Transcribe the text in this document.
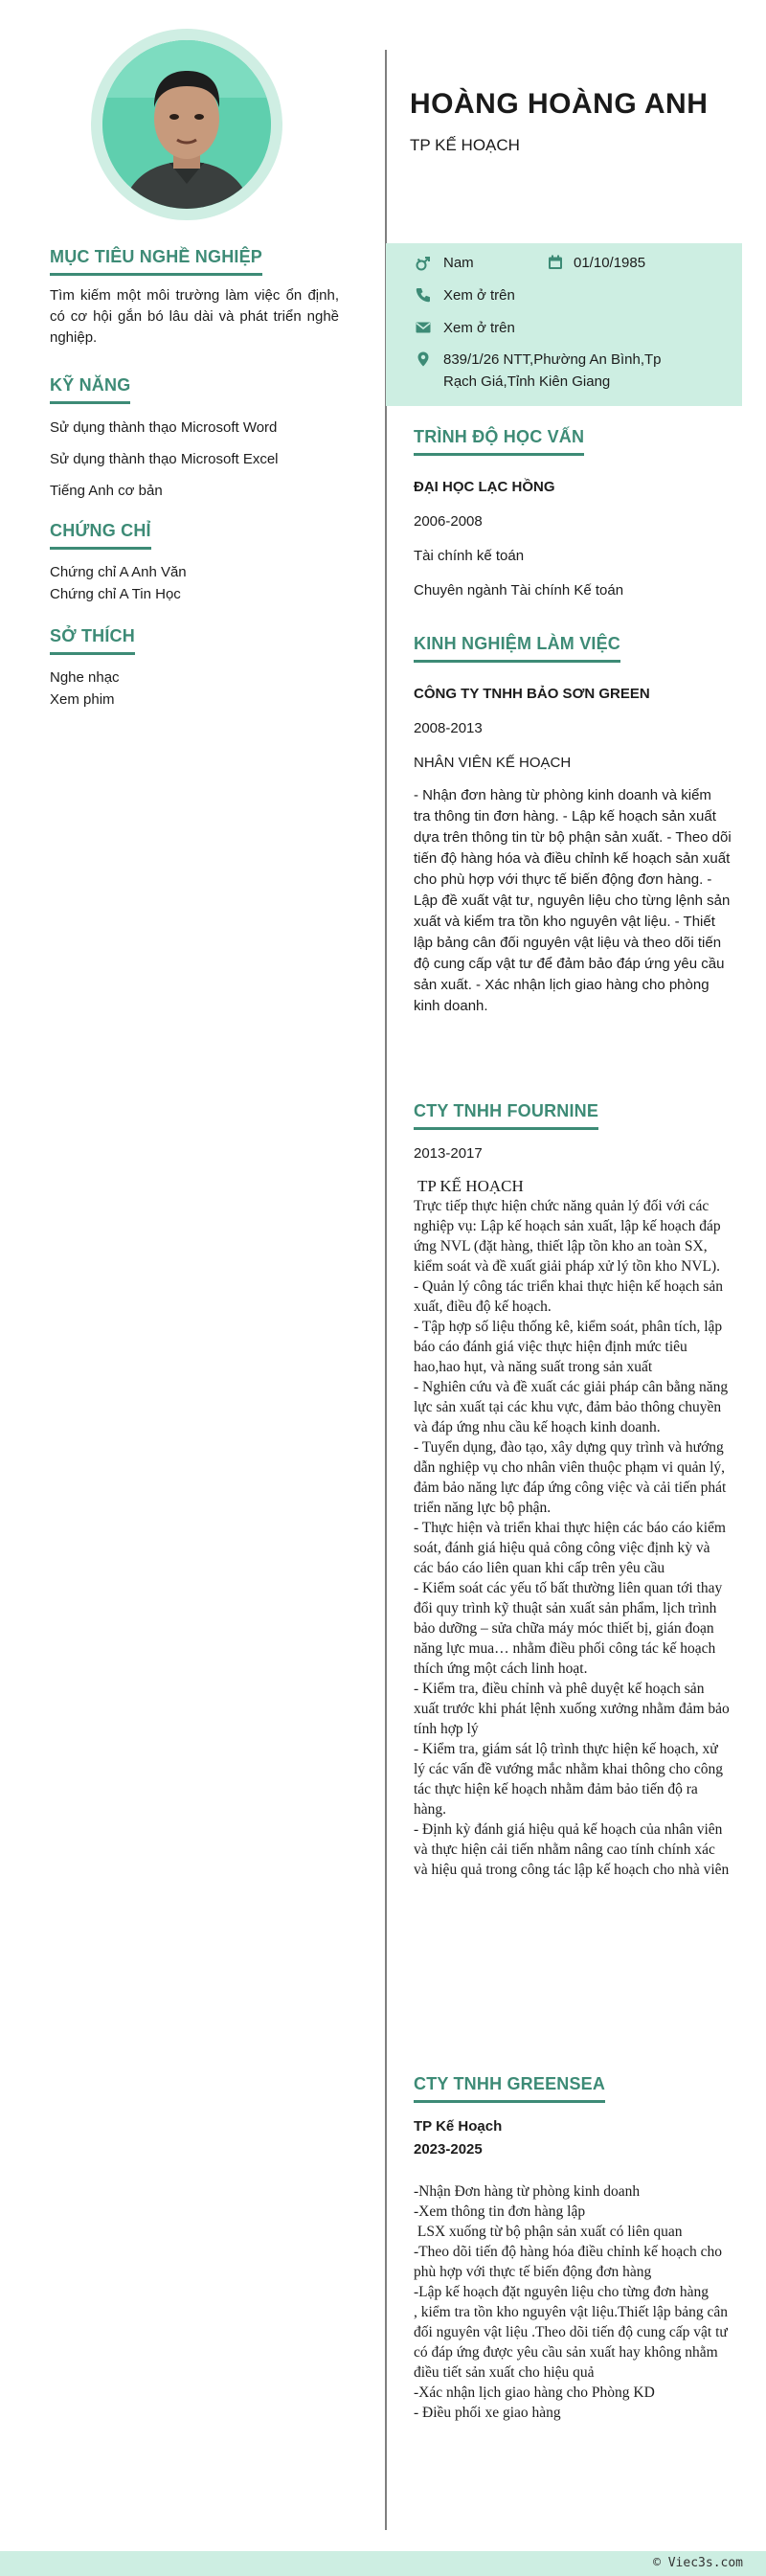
MỤC TIÊU NGHỀ NGHIỆP
Tìm kiếm một môi trường làm việc ổn định, có cơ hội gắn bó lâu dài và phát triển nghề nghiệp.
KỸ NĂNG
Sử dụng thành thạo Microsoft Word
Sử dụng thành thạo Microsoft Excel
Tiếng Anh cơ bản
CHỨNG CHỈ
Chứng chỉ A Anh Văn
Chứng chỉ A Tin Học
SỞ THÍCH
Nghe nhạc
Xem phim
HOÀNG HOÀNG ANH
TP KẾ HOẠCH
Nam	01/10/1985
Xem ở trên
Xem ở trên
839/1/26 NTT,Phường An Bình,Tp
Rạch Giá,Tỉnh Kiên Giang
TRÌNH ĐỘ HỌC VẤN
ĐẠI HỌC LẠC HỒNG
2006-2008
Tài chính kế toán
Chuyên ngành Tài chính Kế toán
KINH NGHIỆM LÀM VIỆC
CÔNG TY TNHH BẢO SƠN GREEN
2008-2013
NHÂN VIÊN KẾ HOẠCH
- Nhận đơn hàng từ phòng kinh doanh và kiểm tra thông tin đơn hàng. - Lập kế hoạch sản xuất dựa trên thông tin từ bộ phận sản xuất. - Theo dõi tiến độ hàng hóa và điều chỉnh kế hoạch sản xuất cho phù hợp với thực tế biến động đơn hàng. - Lập đề xuất vật tư, nguyên liệu cho từng lệnh sản xuất và kiểm tra tồn kho nguyên vật liệu. - Thiết lập bảng cân đối nguyên vật liệu và theo dõi tiến độ cung cấp vật tư để đảm bảo đáp ứng yêu cầu sản xuất. - Xác nhận lịch giao hàng cho phòng kinh doanh.
CTY TNHH FOURNINE
2013-2017
TP KẾ HOẠCH
Trực tiếp thực hiện chức năng quản lý đối với các nghiệp vụ: Lập kế hoạch sản xuất, lập kế hoạch đáp ứng NVL (đặt hàng, thiết lập tồn kho an toàn SX, kiểm soát và đề xuất giải pháp xử lý tồn kho NVL).
- Quản lý công tác triển khai thực hiện kế hoạch sản xuất, điều độ kế hoạch.
- Tập hợp số liệu thống kê, kiểm soát, phân tích, lập báo cáo đánh giá việc thực hiện định mức tiêu hao,hao hụt, và năng suất trong sản xuất
- Nghiên cứu và đề xuất các giải pháp cân bằng năng lực sản xuất tại các khu vực, đảm bảo thông chuyền và đáp ứng nhu cầu kế hoạch kinh doanh.
- Tuyển dụng, đào tạo, xây dựng quy trình và hướng dẫn nghiệp vụ cho nhân viên thuộc phạm vi quản lý, đảm bảo năng lực đáp ứng công việc và cải tiến phát triển năng lực bộ phận.
- Thực hiện và triển khai thực hiện các báo cáo kiểm soát, đánh giá hiệu quả công công việc định kỳ và các báo cáo liên quan khi cấp trên yêu cầu
- Kiểm soát các yếu tố bất thường liên quan tới thay đổi quy trình kỹ thuật sản xuất sản phẩm, lịch trình bảo dưỡng – sửa chữa máy móc thiết bị, gián đoạn năng lực mua… nhằm điều phối công tác kế hoạch thích ứng một cách linh hoạt.
- Kiểm tra, điều chỉnh và phê duyệt kế hoạch sản xuất trước khi phát lệnh xuống xưởng nhằm đảm bảo tính hợp lý
- Kiểm tra, giám sát lộ trình thực hiện kế hoạch, xử lý các vấn đề vướng mắc nhằm khai thông cho công tác thực hiện kế hoạch nhằm đảm bảo tiến độ ra hàng.
- Định kỳ đánh giá hiệu quả kế hoạch của nhân viên và thực hiện cải tiến nhằm nâng cao tính chính xác và hiệu quả trong công tác lập kế hoạch cho nhà viên
CTY TNHH GREENSEA
TP Kế Hoạch
2023-2025
-Nhận Đơn hàng từ phòng kinh doanh
-Xem thông tin đơn hàng lập
LSX xuống từ bộ phận sản xuất có liên quan
-Theo dõi tiến độ hàng hóa điều chỉnh kế hoạch cho phù hợp với thực tế biến động đơn hàng
-Lập kế hoạch đặt nguyên liệu cho từng đơn hàng
, kiểm tra tồn kho nguyên vật liệu.Thiết lập bảng cân đối nguyên vật liệu .Theo dõi tiến độ cung cấp vật tư có đáp ứng được yêu cầu sản xuất hay không nhằm điều tiết sản xuất cho hiệu quả
-Xác nhận lịch giao hàng cho Phòng KD
- Điều phối xe giao hàng
© Viec3s.com
